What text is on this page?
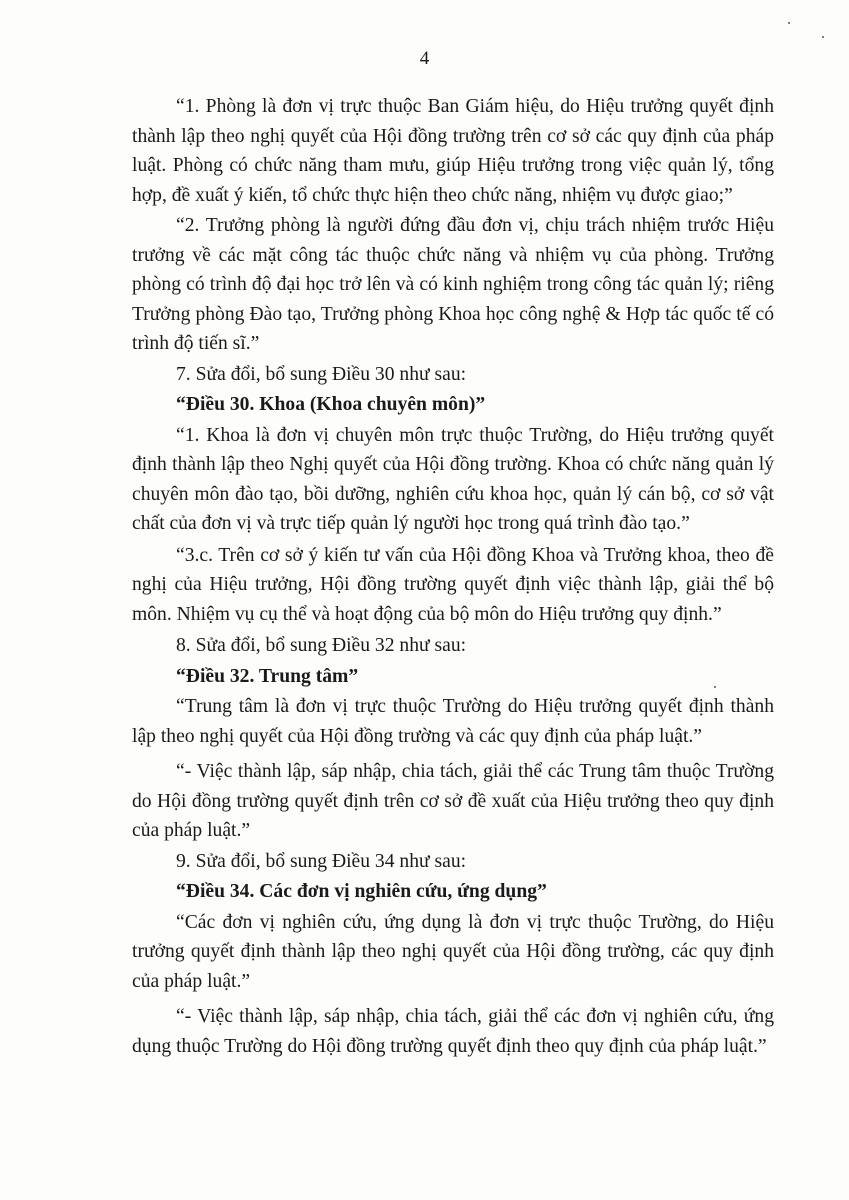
4

“1. Phòng là đơn vị trực thuộc Ban Giám hiệu, do Hiệu trưởng quyết định thành lập theo nghị quyết của Hội đồng trường trên cơ sở các quy định của pháp luật. Phòng có chức năng tham mưu, giúp Hiệu trưởng trong việc quản lý, tổng hợp, đề xuất ý kiến, tổ chức thực hiện theo chức năng, nhiệm vụ được giao;”

“2. Trưởng phòng là người đứng đầu đơn vị, chịu trách nhiệm trước Hiệu trưởng về các mặt công tác thuộc chức năng và nhiệm vụ của phòng. Trưởng phòng có trình độ đại học trở lên và có kinh nghiệm trong công tác quản lý; riêng Trưởng phòng Đào tạo, Trưởng phòng Khoa học công nghệ & Hợp tác quốc tế có trình độ tiến sĩ.”

7. Sửa đổi, bổ sung Điều 30 như sau:

“Điều 30. Khoa (Khoa chuyên môn)”

“1. Khoa là đơn vị chuyên môn trực thuộc Trường, do Hiệu trưởng quyết định thành lập theo Nghị quyết của Hội đồng trường. Khoa có chức năng quản lý chuyên môn đào tạo, bồi dưỡng, nghiên cứu khoa học, quản lý cán bộ, cơ sở vật chất của đơn vị và trực tiếp quản lý người học trong quá trình đào tạo.”

“3.c. Trên cơ sở ý kiến tư vấn của Hội đồng Khoa và Trưởng khoa, theo đề nghị của Hiệu trưởng, Hội đồng trường quyết định việc thành lập, giải thể bộ môn. Nhiệm vụ cụ thể và hoạt động của bộ môn do Hiệu trưởng quy định.”

8. Sửa đổi, bổ sung Điều 32 như sau:

“Điều 32. Trung tâm”

“Trung tâm là đơn vị trực thuộc Trường do Hiệu trưởng quyết định thành lập theo nghị quyết của Hội đồng trường và các quy định của pháp luật.”

“- Việc thành lập, sáp nhập, chia tách, giải thể các Trung tâm thuộc Trường do Hội đồng trường quyết định trên cơ sở đề xuất của Hiệu trưởng theo quy định của pháp luật.”

9. Sửa đổi, bổ sung Điều 34 như sau:

“Điều 34. Các đơn vị nghiên cứu, ứng dụng”

“Các đơn vị nghiên cứu, ứng dụng là đơn vị trực thuộc Trường, do Hiệu trưởng quyết định thành lập theo nghị quyết của Hội đồng trường, các quy định của pháp luật.”

“- Việc thành lập, sáp nhập, chia tách, giải thể các đơn vị nghiên cứu, ứng dụng thuộc Trường do Hội đồng trường quyết định theo quy định của pháp luật.”
